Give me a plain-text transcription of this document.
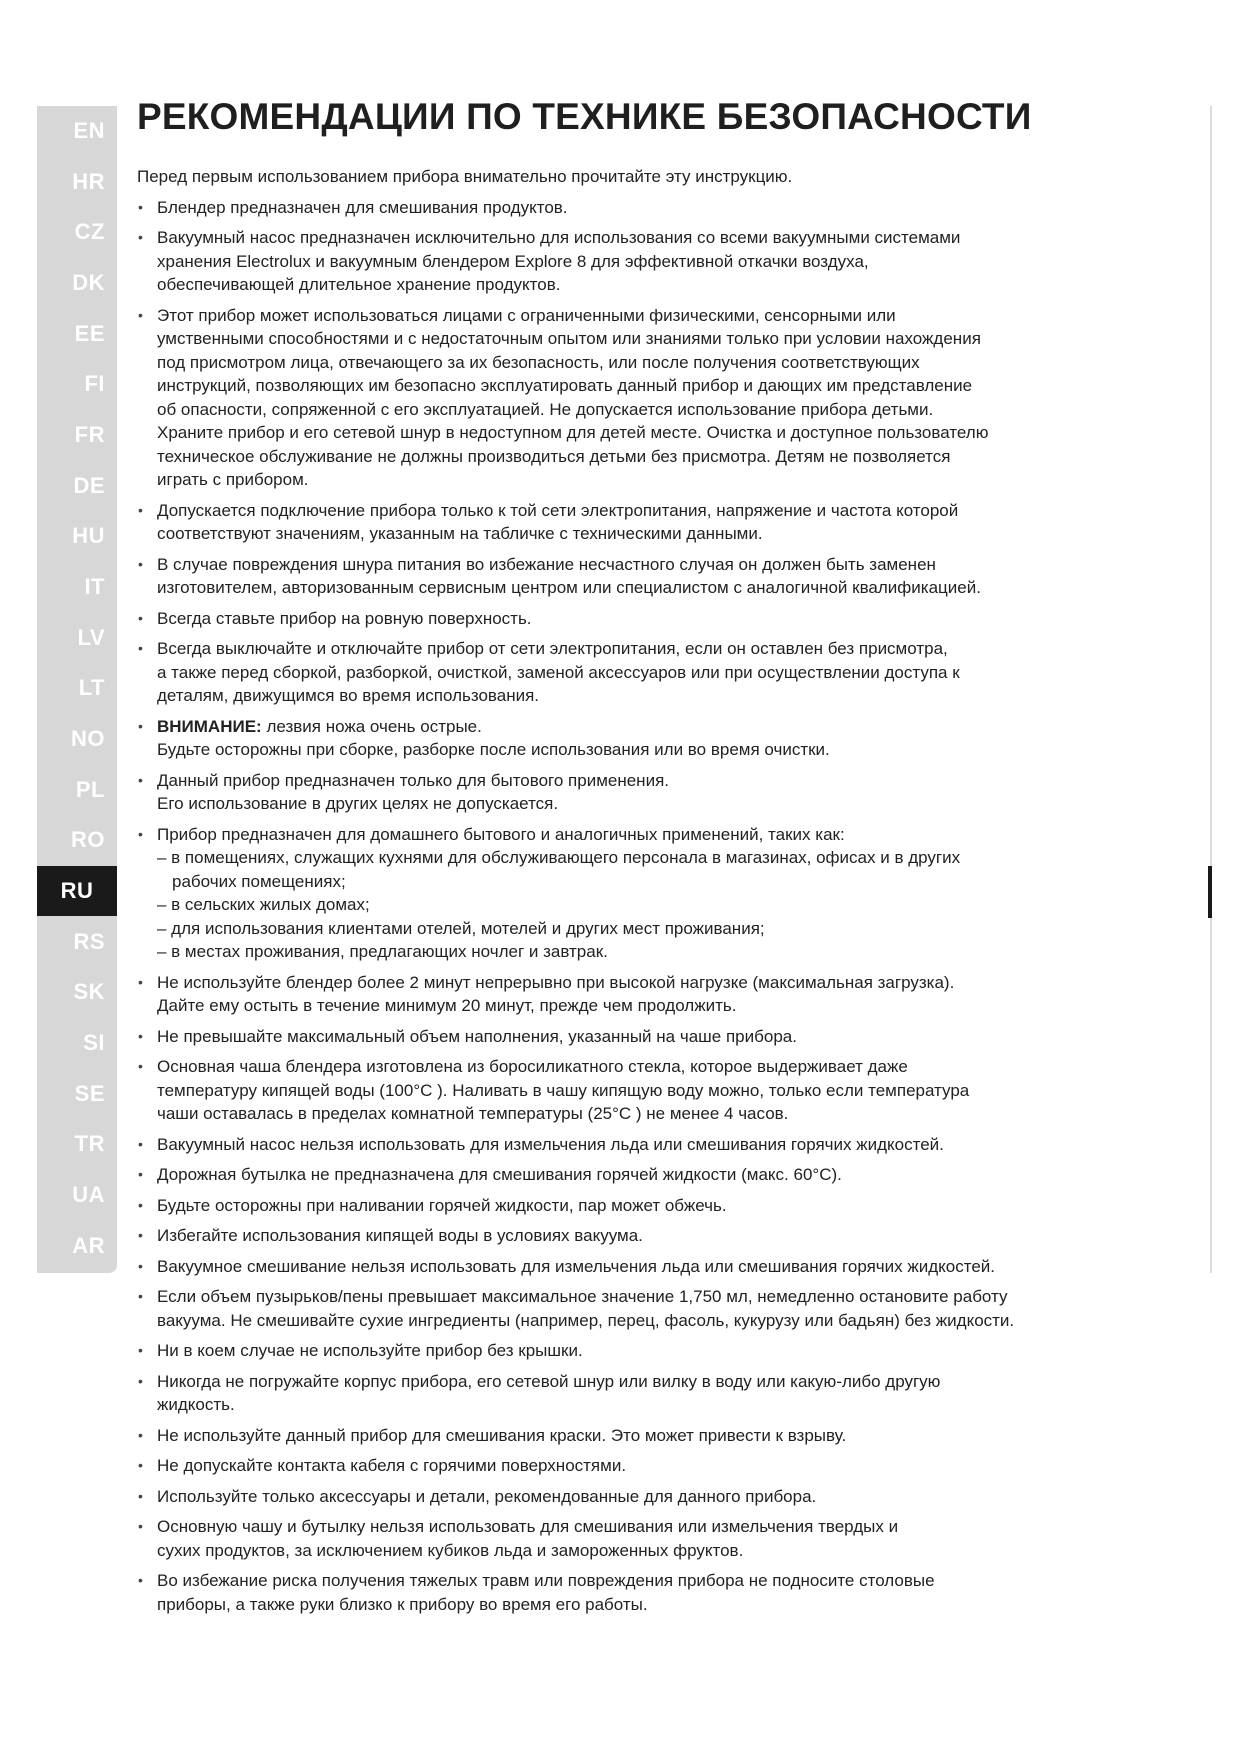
EN
HR
CZ
DK
EE
FI
FR
DE
HU
IT
LV
LT
NO
PL
RO
RU
RS
SK
SI
SE
TR
UA
AR
РЕКОМЕНДАЦИИ ПО ТЕХНИКЕ БЕЗОПАСНОСТИ

Перед первым использованием прибора внимательно прочитайте эту инструкцию.

• Блендер предназначен для смешивания продуктов.
• Вакуумный насос предназначен исключительно для использования со всеми вакуумными системами
хранения Electrolux и вакуумным блендером Explore 8 для эффективной откачки воздуха,
обеспечивающей длительное хранение продуктов.
• Этот прибор может использоваться лицами с ограниченными физическими, сенсорными или
умственными способностями и с недостаточным опытом или знаниями только при условии нахождения
под присмотром лица, отвечающего за их безопасность, или после получения соответствующих
инструкций, позволяющих им безопасно эксплуатировать данный прибор и дающих им представление
об опасности, сопряженной с его эксплуатацией. Не допускается использование прибора детьми.
Храните прибор и его сетевой шнур в недоступном для детей месте. Очистка и доступное пользователю
техническое обслуживание не должны производиться детьми без присмотра. Детям не позволяется
играть с прибором.
• Допускается подключение прибора только к той сети электропитания, напряжение и частота которой
соответствуют значениям, указанным на табличке с техническими данными.
• В случае повреждения шнура питания во избежание несчастного случая он должен быть заменен
изготовителем, авторизованным сервисным центром или специалистом с аналогичной квалификацией.
• Всегда ставьте прибор на ровную поверхность.
• Всегда выключайте и отключайте прибор от сети электропитания, если он оставлен без присмотра,
а также перед сборкой, разборкой, очисткой, заменой аксессуаров или при осуществлении доступа к
деталям, движущимся во время использования.
• ВНИМАНИЕ: лезвия ножа очень острые.
Будьте осторожны при сборке, разборке после использования или во время очистки.
• Данный прибор предназначен только для бытового применения.
Его использование в других целях не допускается.
• Прибор предназначен для домашнего бытового и аналогичных применений, таких как:
– в помещениях, служащих кухнями для обслуживающего персонала в магазинах, офисах и в других
рабочих помещениях;
– в сельских жилых домах;
– для использования клиентами отелей, мотелей и других мест проживания;
– в местах проживания, предлагающих ночлег и завтрак.
• Не используйте блендер более 2 минут непрерывно при высокой нагрузке (максимальная загрузка).
Дайте ему остыть в течение минимум 20 минут, прежде чем продолжить.
• Не превышайте максимальный объем наполнения, указанный на чаше прибора.
• Основная чаша блендера изготовлена из боросиликатного стекла, которое выдерживает даже
температуру кипящей воды (100°C ). Наливать в чашу кипящую воду можно, только если температура
чаши оставалась в пределах комнатной температуры (25°C ) не менее 4 часов.
• Вакуумный насос нельзя использовать для измельчения льда или смешивания горячих жидкостей.
• Дорожная бутылка не предназначена для смешивания горячей жидкости (макс. 60°C).
• Будьте осторожны при наливании горячей жидкости, пар может обжечь.
• Избегайте использования кипящей воды в условиях вакуума.
• Вакуумное смешивание нельзя использовать для измельчения льда или смешивания горячих жидкостей.
• Если объем пузырьков/пены превышает максимальное значение 1,750 мл, немедленно остановите работу
вакуума. Не смешивайте сухие ингредиенты (например, перец, фасоль, кукурузу или бадьян) без жидкости.
• Ни в коем случае не используйте прибор без крышки.
• Никогда не погружайте корпус прибора, его сетевой шнур или вилку в воду или какую-либо другую
жидкость.
• Не используйте данный прибор для смешивания краски. Это может привести к взрыву.
• Не допускайте контакта кабеля с горячими поверхностями.
• Используйте только аксессуары и детали, рекомендованные для данного прибора.
• Основную чашу и бутылку нельзя использовать для смешивания или измельчения твердых и
сухих продуктов, за исключением кубиков льда и замороженных фруктов.
• Во избежание риска получения тяжелых травм или повреждения прибора не подносите столовые
приборы, а также руки близко к прибору во время его работы.
